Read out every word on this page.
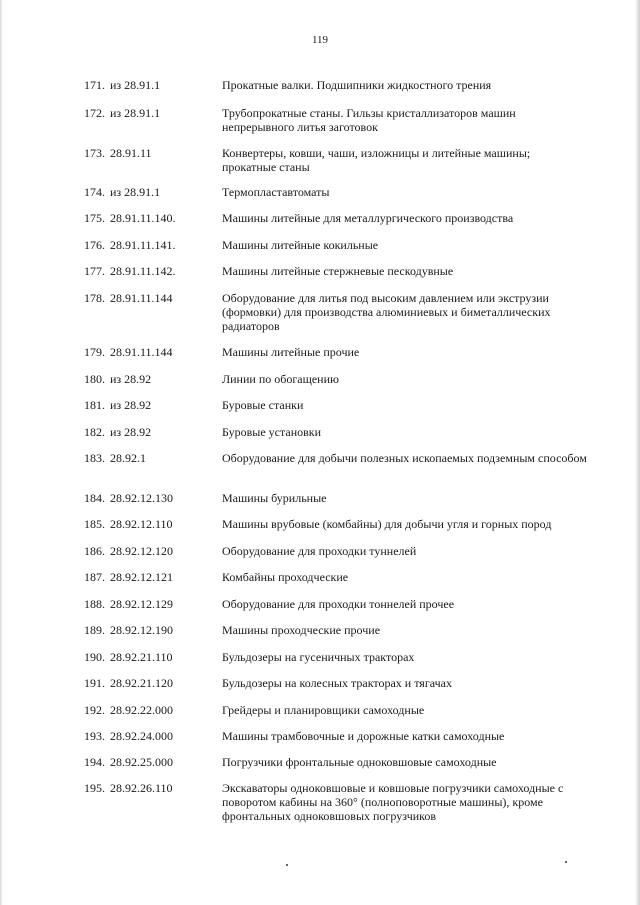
119
171. из 28.91.1	Прокатные валки. Подшипники жидкостного трения
172. из 28.91.1	Трубопрокатные станы. Гильзы кристаллизаторов машин непрерывного литья заготовок
173. 28.91.11	Конвертеры, ковши, чаши, изложницы и литейные машины; прокатные станы
174. из 28.91.1	Термопластавтоматы
175. 28.91.11.140.	Машины литейные для металлургического производства
176. 28.91.11.141.	Машины литейные кокильные
177. 28.91.11.142.	Машины литейные стержневые пескодувные
178. 28.91.11.144	Оборудование для литья под высоким давлением или экструзии (формовки) для производства алюминиевых и биметаллических радиаторов
179. 28.91.11.144	Машины литейные прочие
180. из 28.92	Линии по обогащению
181. из 28.92	Буровые станки
182. из 28.92	Буровые установки
183. 28.92.1	Оборудование для добычи полезных ископаемых подземным способом
184. 28.92.12.130	Машины бурильные
185. 28.92.12.110	Машины врубовые (комбайны) для добычи угля и горных пород
186. 28.92.12.120	Оборудование для проходки туннелей
187. 28.92.12.121	Комбайны проходческие
188. 28.92.12.129	Оборудование для проходки тоннелей прочее
189. 28.92.12.190	Машины проходческие прочие
190. 28.92.21.110	Бульдозеры на гусеничных тракторах
191. 28.92.21.120	Бульдозеры на колесных тракторах и тягачах
192. 28.92.22.000	Грейдеры и планировщики самоходные
193. 28.92.24.000	Машины трамбовочные и дорожные катки самоходные
194. 28.92.25.000	Погрузчики фронтальные одноковшовые самоходные
195. 28.92.26.110	Экскаваторы одноковшовые и ковшовые погрузчики самоходные с поворотом кабины на 360° (полноповоротные машины), кроме фронтальных одноковшовых погрузчиков
